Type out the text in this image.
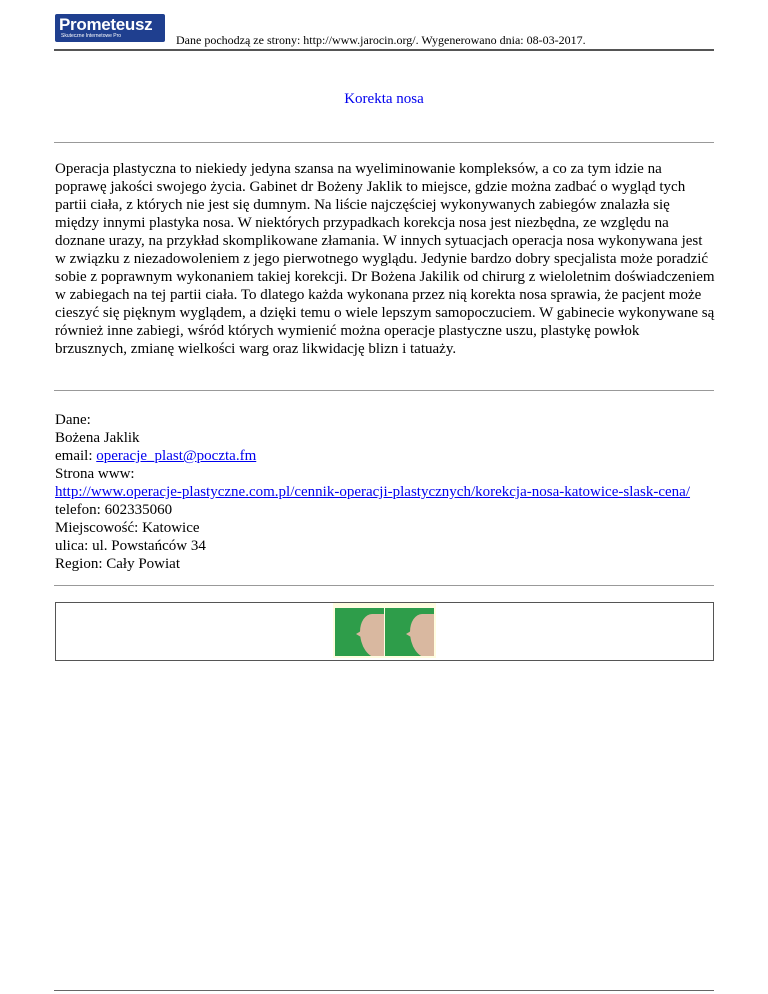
Prometeusz
Skuteczne Internetowe Pro	Dane pochodzą ze strony: http://www.jarocin.org/. Wygenerowano dnia: 08-03-2017.
Korekta nosa
Operacja plastyczna to niekiedy jedyna szansa na wyeliminowanie kompleksów, a co za tym idzie na poprawę jakości swojego życia. Gabinet dr Bożeny Jaklik to miejsce, gdzie można zadbać o wygląd tych partii ciała, z których nie jest się dumnym. Na liście najczęściej wykonywanych zabiegów znalazła się między innymi plastyka nosa. W niektórych przypadkach korekcja nosa jest niezbędna, ze względu na doznane urazy, na przykład skomplikowane złamania. W innych sytuacjach operacja nosa wykonywana jest w związku z niezadowoleniem z jego pierwotnego wyglądu. Jedynie bardzo dobry specjalista może poradzić sobie z poprawnym wykonaniem takiej korekcji. Dr Bożena Jakilik od chirurg z wieloletnim doświadczeniem w zabiegach na tej partii ciała. To dlatego każda wykonana przez nią korekta nosa sprawia, że pacjent może cieszyć się pięknym wyglądem, a dzięki temu o wiele lepszym samopoczuciem. W gabinecie wykonywane są również inne zabiegi, wśród których wymienić można operacje plastyczne uszu, plastykę powłok brzusznych, zmianę wielkości warg oraz likwidację blizn i tatuaży.
Dane:
Bożena Jaklik
email: operacje_plast@poczta.fm
Strona www:
http://www.operacje-plastyczne.com.pl/cennik-operacji-plastycznych/korekcja-nosa-katowice-slask-cena/
telefon: 602335060
Miejscowość: Katowice
ulica: ul. Powstańców 34
Region: Cały Powiat
